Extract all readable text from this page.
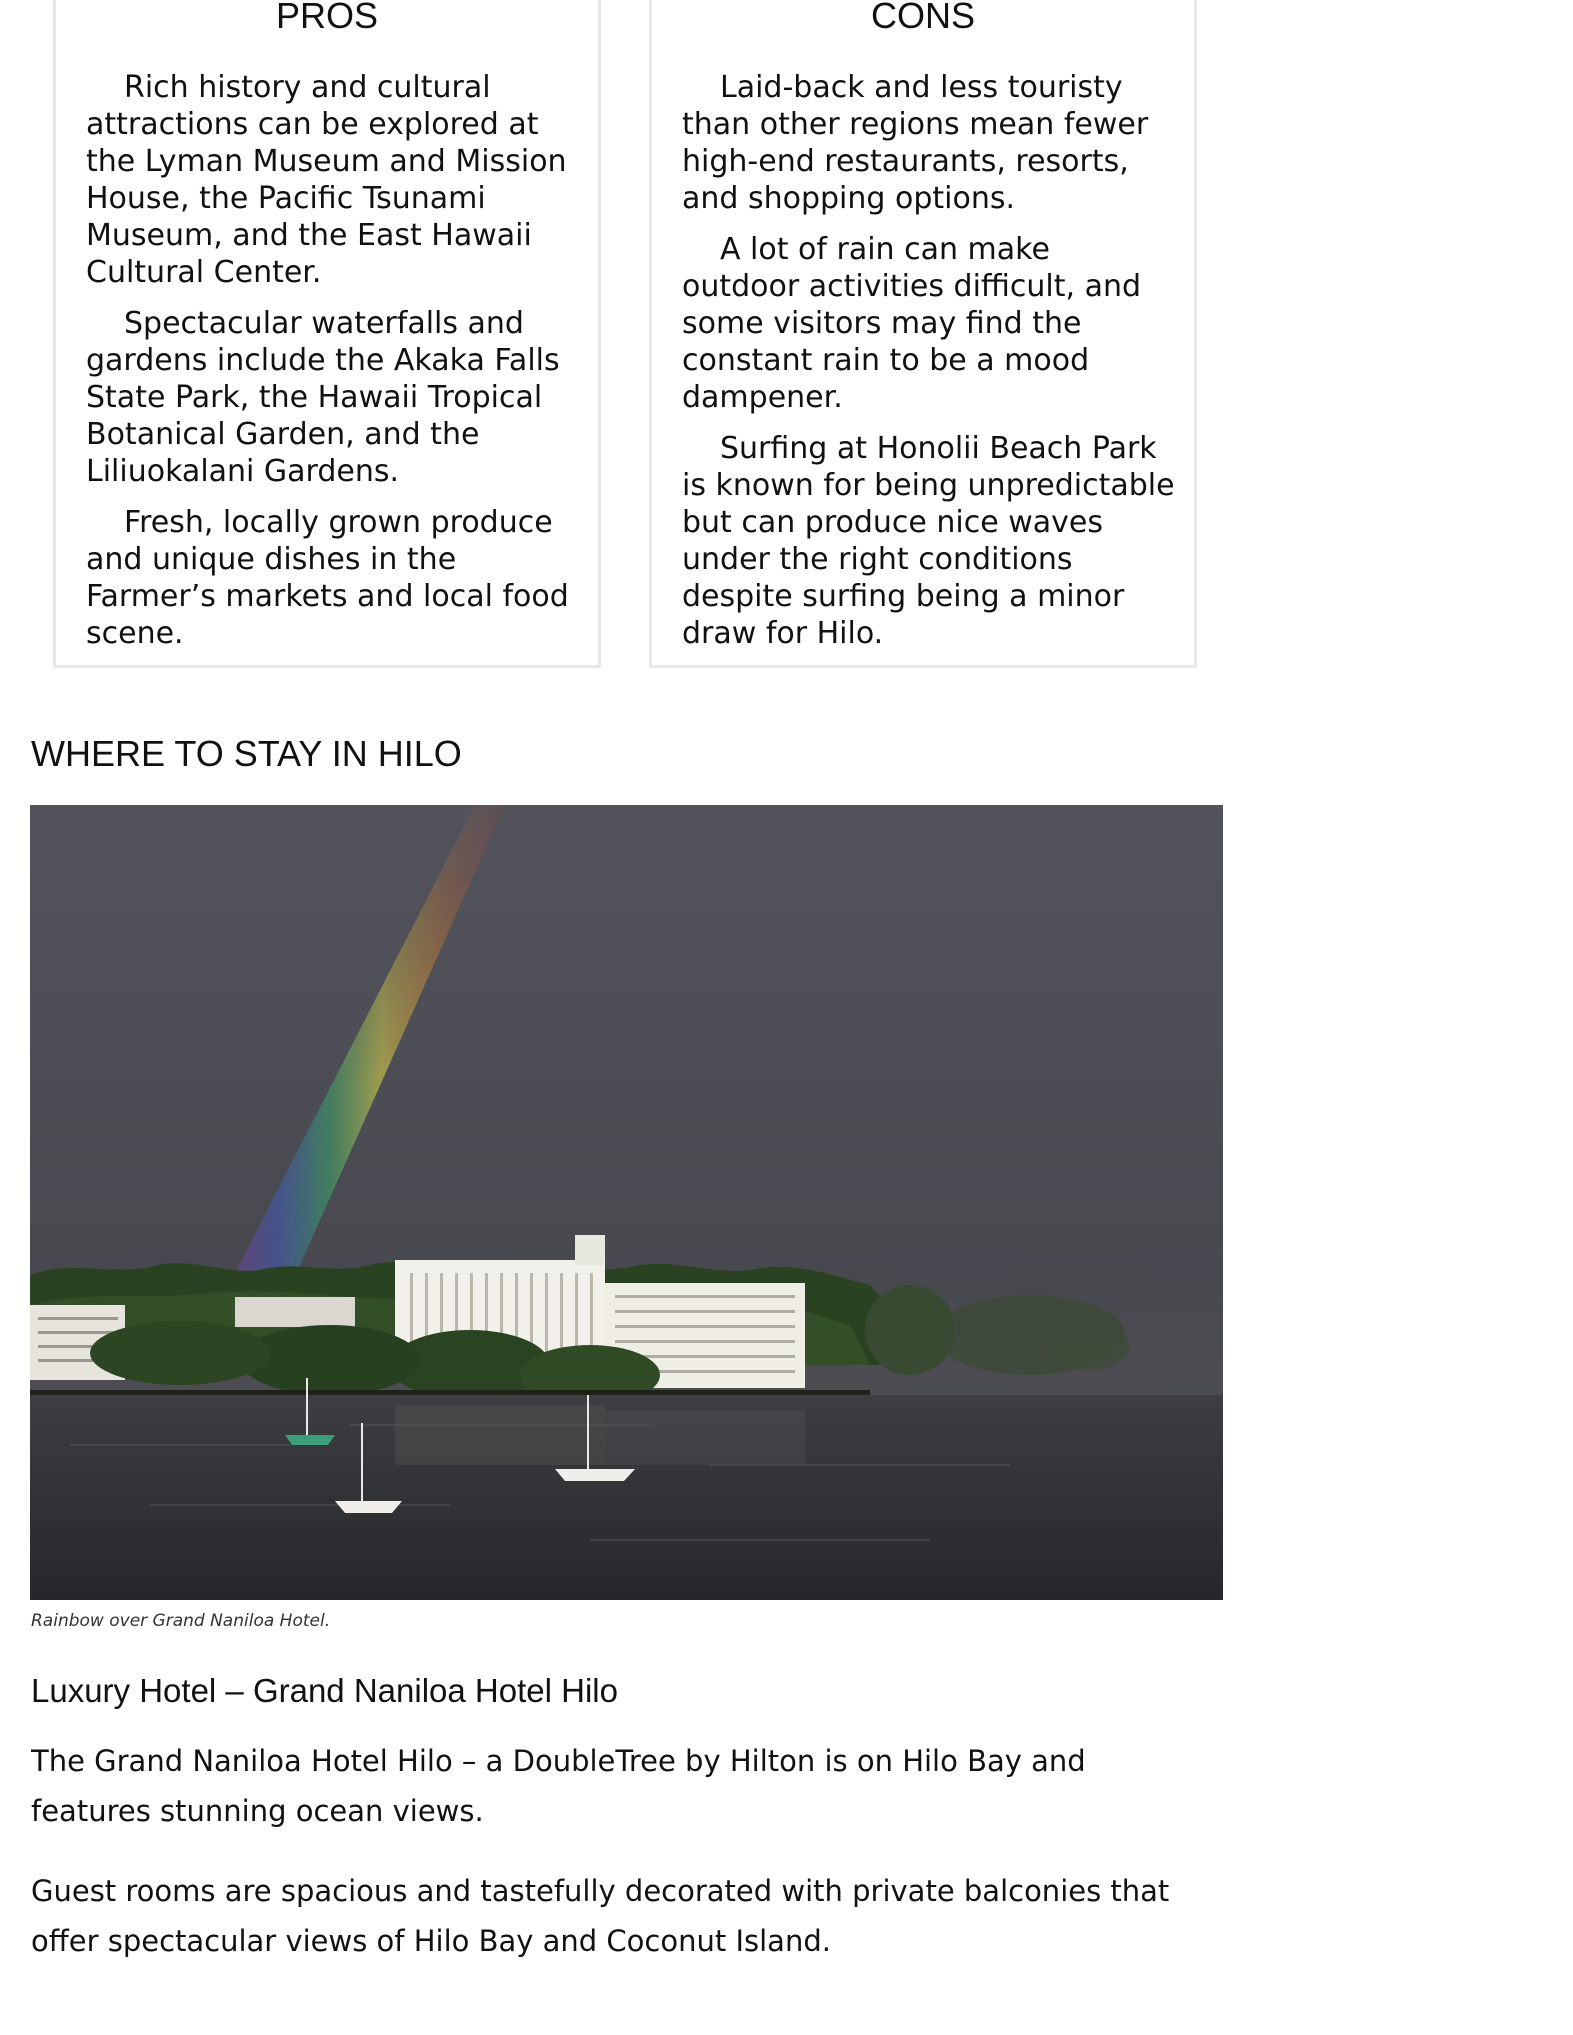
PROS

Rich history and cultural attractions can be explored at the Lyman Museum and Mission House, the Pacific Tsunami Museum, and the East Hawaii Cultural Center.

Spectacular waterfalls and gardens include the Akaka Falls State Park, the Hawaii Tropical Botanical Garden, and the Liliuokalani Gardens.

Fresh, locally grown produce and unique dishes in the Farmer’s markets and local food scene.

CONS

Laid-back and less touristy than other regions mean fewer high-end restaurants, resorts, and shopping options.

A lot of rain can make outdoor activities difficult, and some visitors may find the constant rain to be a mood dampener.

Surfing at Honolii Beach Park is known for being unpredictable but can produce nice waves under the right conditions despite surfing being a minor draw for Hilo.

WHERE TO STAY IN HILO

Rainbow over Grand Naniloa Hotel.

Luxury Hotel – Grand Naniloa Hotel Hilo

The Grand Naniloa Hotel Hilo – a DoubleTree by Hilton is on Hilo Bay and features stunning ocean views.

Guest rooms are spacious and tastefully decorated with private balconies that offer spectacular views of Hilo Bay and Coconut Island.
